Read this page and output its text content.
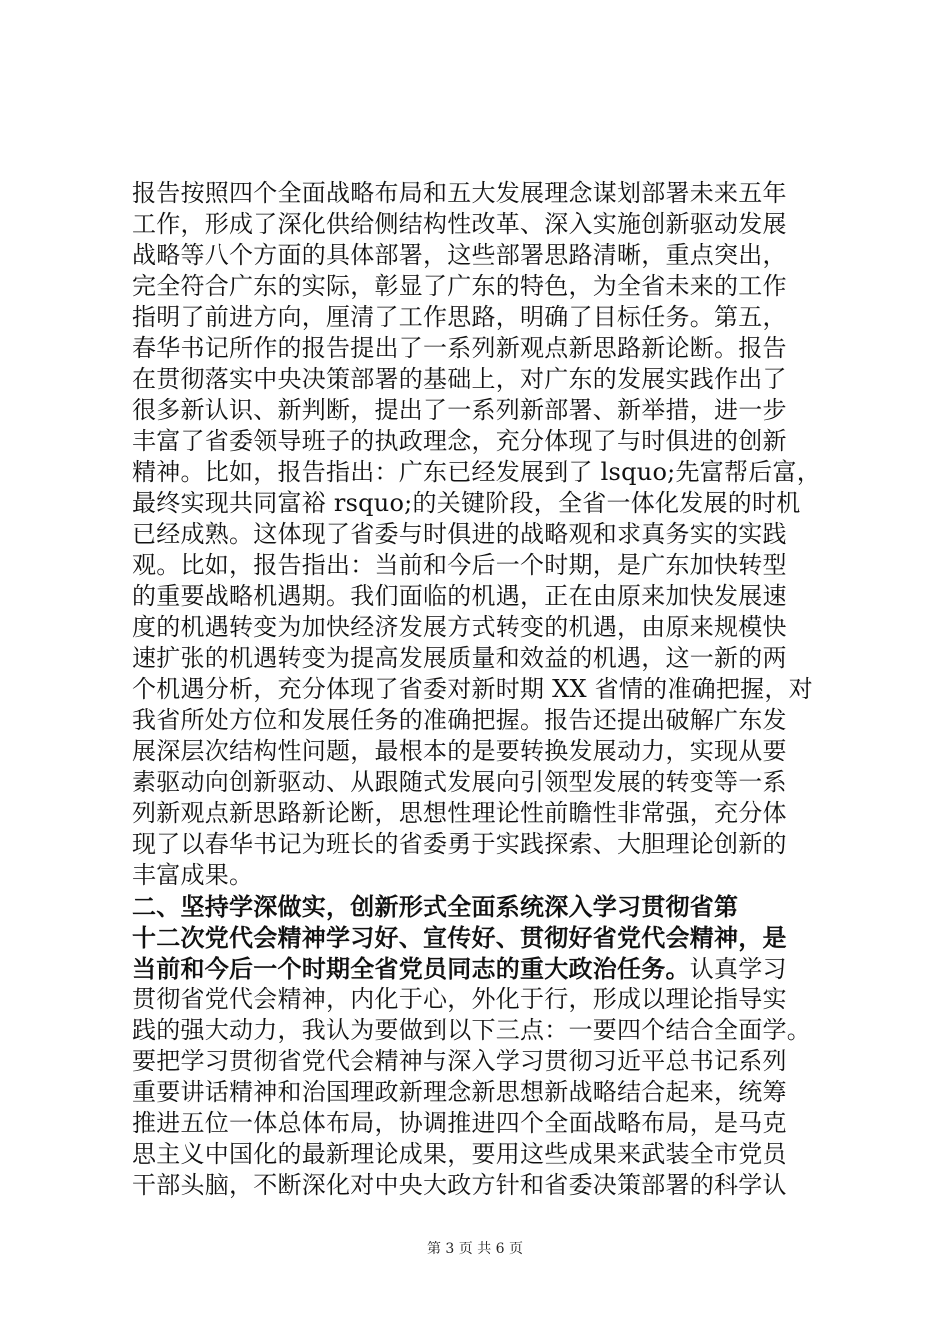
报告按照四个全面战略布局和五大发展理念谋划部署未来五年
工作，形成了深化供给侧结构性改革、深入实施创新驱动发展
战略等八个方面的具体部署，这些部署思路清晰，重点突出，
完全符合广东的实际，彰显了广东的特色，为全省未来的工作
指明了前进方向，厘清了工作思路，明确了目标任务。第五，
春华书记所作的报告提出了一系列新观点新思路新论断。报告
在贯彻落实中央决策部署的基础上，对广东的发展实践作出了
很多新认识、新判断，提出了一系列新部署、新举措，进一步
丰富了省委领导班子的执政理念，充分体现了与时俱进的创新
精神。比如，报告指出：广东已经发展到了 lsquo;先富帮后富，
最终实现共同富裕 rsquo;的关键阶段，全省一体化发展的时机
已经成熟。这体现了省委与时俱进的战略观和求真务实的实践
观。比如，报告指出：当前和今后一个时期，是广东加快转型
的重要战略机遇期。我们面临的机遇，正在由原来加快发展速
度的机遇转变为加快经济发展方式转变的机遇，由原来规模快
速扩张的机遇转变为提高发展质量和效益的机遇，这一新的两
个机遇分析，充分体现了省委对新时期 XX 省情的准确把握，对
我省所处方位和发展任务的准确把握。报告还提出破解广东发
展深层次结构性问题，最根本的是要转换发展动力，实现从要
素驱动向创新驱动、从跟随式发展向引领型发展的转变等一系
列新观点新思路新论断，思想性理论性前瞻性非常强，充分体
现了以春华书记为班长的省委勇于实践探索、大胆理论创新的
丰富成果。
二、坚持学深做实，创新形式全面系统深入学习贯彻省第
十二次党代会精神学习好、宣传好、贯彻好省党代会精神，是
当前和今后一个时期全省党员同志的重大政治任务。认真学习
贯彻省党代会精神，内化于心，外化于行，形成以理论指导实
践的强大动力，我认为要做到以下三点：一要四个结合全面学。
要把学习贯彻省党代会精神与深入学习贯彻习近平总书记系列
重要讲话精神和治国理政新理念新思想新战略结合起来，统筹
推进五位一体总体布局，协调推进四个全面战略布局，是马克
思主义中国化的最新理论成果，要用这些成果来武装全市党员
干部头脑，不断深化对中央大政方针和省委决策部署的科学认
第 3 页 共 6 页
